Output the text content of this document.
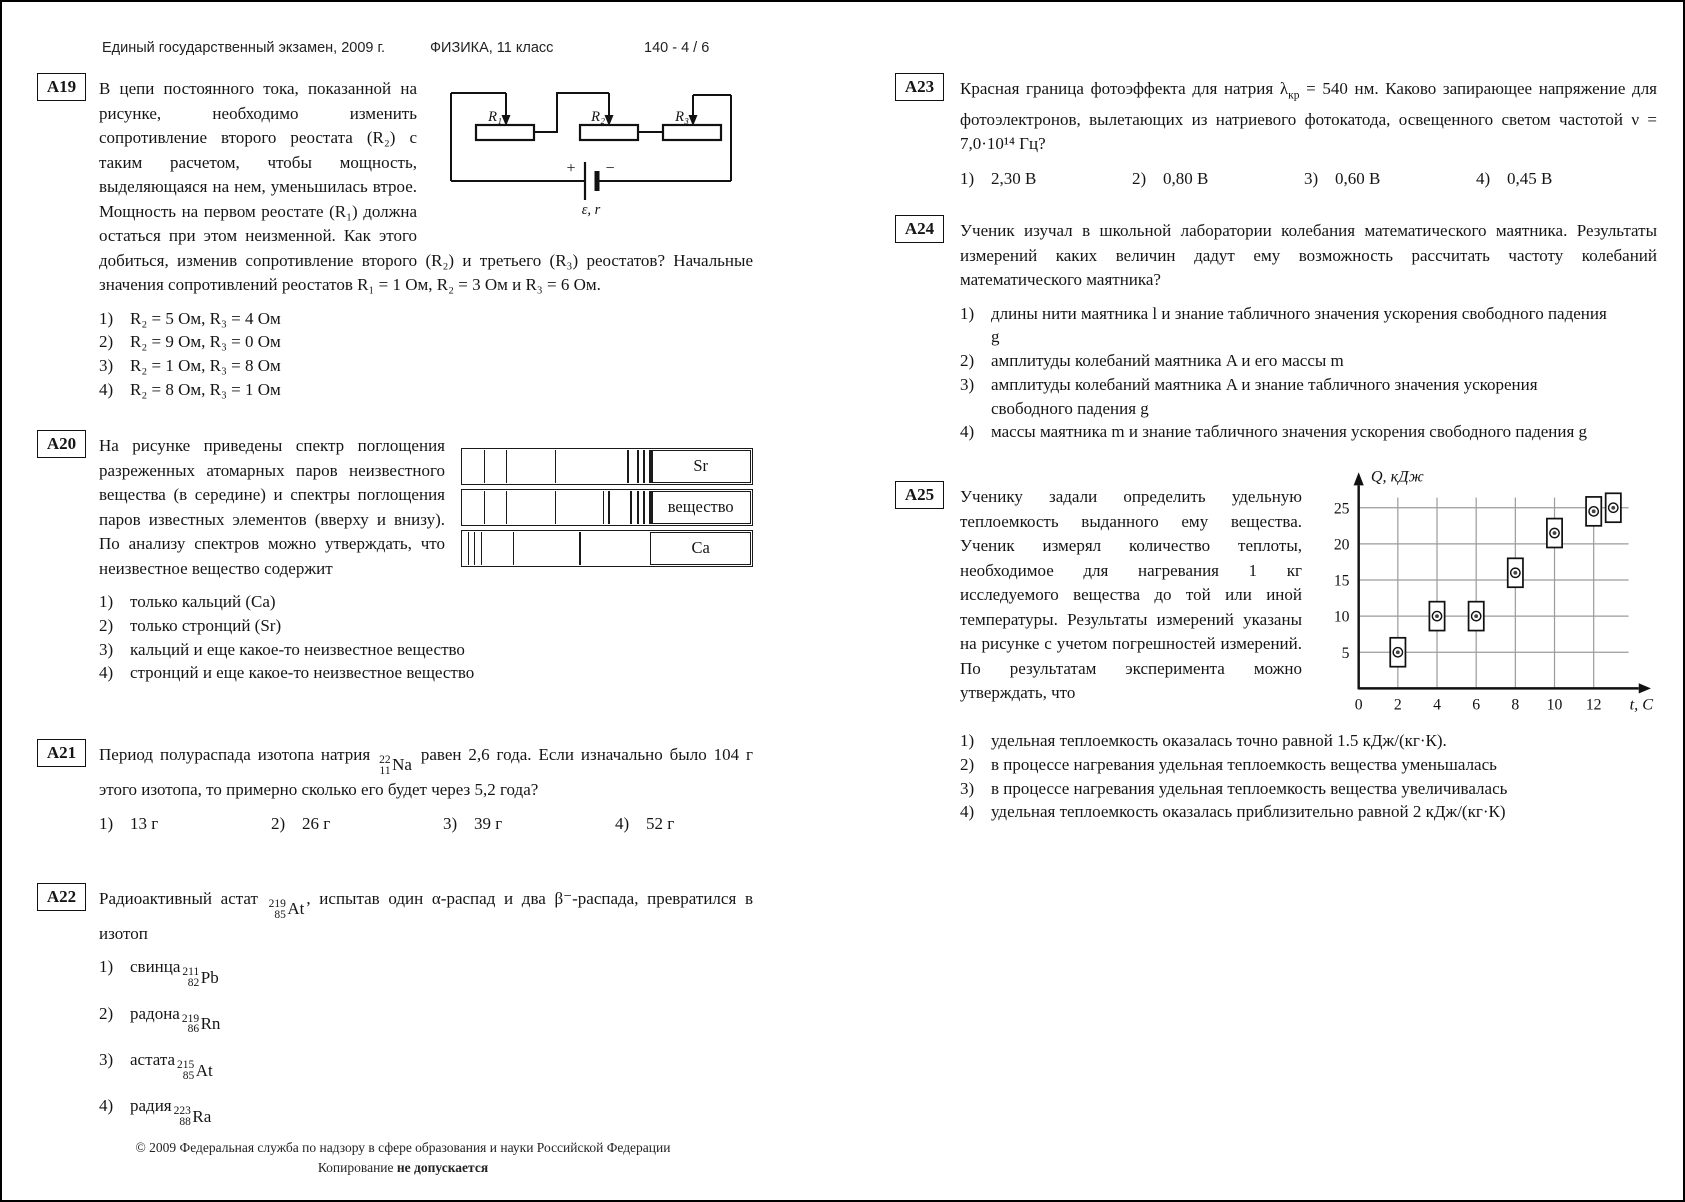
Единый государственный экзамен, 2009 г.	ФИЗИКА, 11 класс	140 - 4 / 6
А19
R₁	R₂	R₃
+ −
ε, r

В цепи постоянного тока, показанной на рисунке, необходимо изменить сопротивление второго реостата (R₂) с таким расчетом, чтобы мощность, выделяющаяся на нем, уменьшилась втрое. Мощность на первом реостате (R₁) должна остаться при этом неизменной. Как этого добиться, изменив сопротивление второго (R₂) и третьего (R₃) реостатов? Начальные значения сопротивлений реостатов R₁ = 1 Ом, R₂ = 3 Ом и R₃ = 6 Ом.

1) R₂ = 5 Ом, R₃ = 4 Ом
2) R₂ = 9 Ом, R₃ = 0 Ом
3) R₂ = 1 Ом, R₃ = 8 Ом
4) R₂ = 8 Ом, R₃ = 1 Ом
А20
Sr
вещество
Ca

На рисунке приведены спектр поглощения разреженных атомарных паров неизвестного вещества (в середине) и спектры поглощения паров известных элементов (вверху и внизу). По анализу спектров можно утверждать, что неизвестное вещество содержит

1) только кальций (Ca)
2) только стронций (Sr)
3) кальций и еще какое-то неизвестное вещество
4) стронций и еще какое-то неизвестное вещество
А21	Период полураспада изотопа натрия 22
11 Na
равен 2,6 года. Если изначально было 104 г этого изотопа, то примерно сколько его будет через 5,2 года?

1) 13 г	2) 26 г	3) 39 г	4) 52 г
А22	Радиоактивный астат 219
85 At
, испытав один α-распад и два β⁻-распада, превратился в изотоп

1) свинца 211
82 Pb
2) радона 219
86 Rn
3) астата 215
85 At
4) радия 223
88 Ra
А23	Красная граница фотоэффекта для натрия $\lambda_{кр} = 540$ нм. Каково запирающее напряжение для фотоэлектронов, вылетающих из натриевого фотокатода, освещенного светом частотой ν = 7,0·10¹⁴ Гц?

1) 2,30 В	2) 0,80 В	3) 0,60 В	4) 0,45 В
А24	Ученик изучал в школьной лаборатории колебания математического маятника. Результаты измерений каких величин дадут ему возможность рассчитать частоту колебаний математического маятника?

1) длины нити маятника l и знание табличного значения ускорения свободного падения g
2) амплитуды колебаний маятника A и его массы m
3) амплитуды колебаний маятника A и знание табличного значения ускорения свободного падения g
4) массы маятника m и знание табличного значения ускорения свободного падения g
А25
5
10
15
20
25
0 2 4 6 8 10 12
Q, кДж
t, C

Ученику задали определить удельную теплоемкость выданного ему вещества. Ученик измерял количество теплоты, необходимое для нагревания 1 кг исследуемого вещества до той или иной температуры. Результаты измерений указаны на рисунке с учетом погрешностей измерений. По результатам эксперимента можно утверждать, что

1) удельная теплоемкость оказалась точно равной 1.5 кДж/(кг·К).
2) в процессе нагревания удельная теплоемкость вещества уменьшалась
3) в процессе нагревания удельная теплоемкость вещества увеличивалась
4) удельная теплоемкость оказалась приблизительно равной 2 кДж/(кг·К)
© 2009 Федеральная служба по надзору в сфере образования и науки Российской Федерации
Копирование не допускается
